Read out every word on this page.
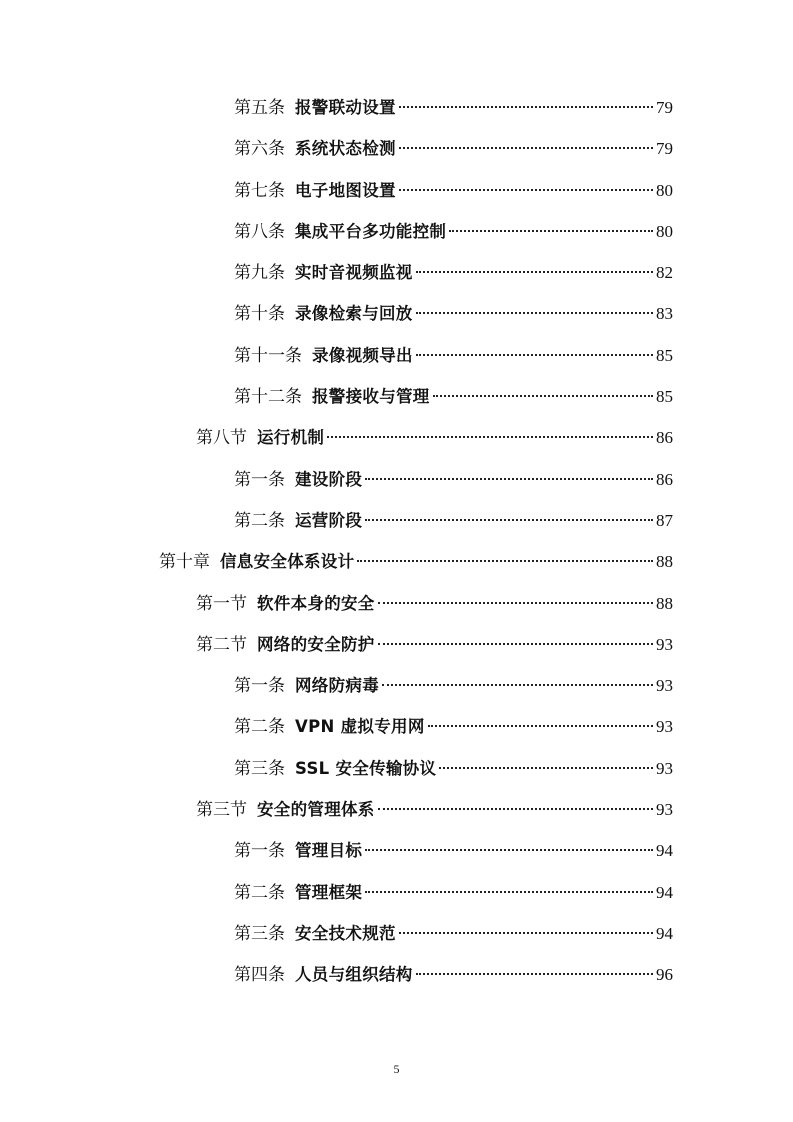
第五条 报警联动设置	79
第六条 系统状态检测	79
第七条 电子地图设置	80
第八条 集成平台多功能控制	80
第九条 实时音视频监视	82
第十条 录像检索与回放	83
第十一条 录像视频导出	85
第十二条 报警接收与管理	85
第八节 运行机制	86
第一条 建设阶段	86
第二条 运营阶段	87
第十章 信息安全体系设计	88
第一节 软件本身的安全	88
第二节 网络的安全防护	93
第一条 网络防病毒	93
第二条 VPN 虚拟专用网	93
第三条 SSL 安全传输协议	93
第三节 安全的管理体系	93
第一条 管理目标	94
第二条 管理框架	94
第三条 安全技术规范	94
第四条 人员与组织结构	96
5
